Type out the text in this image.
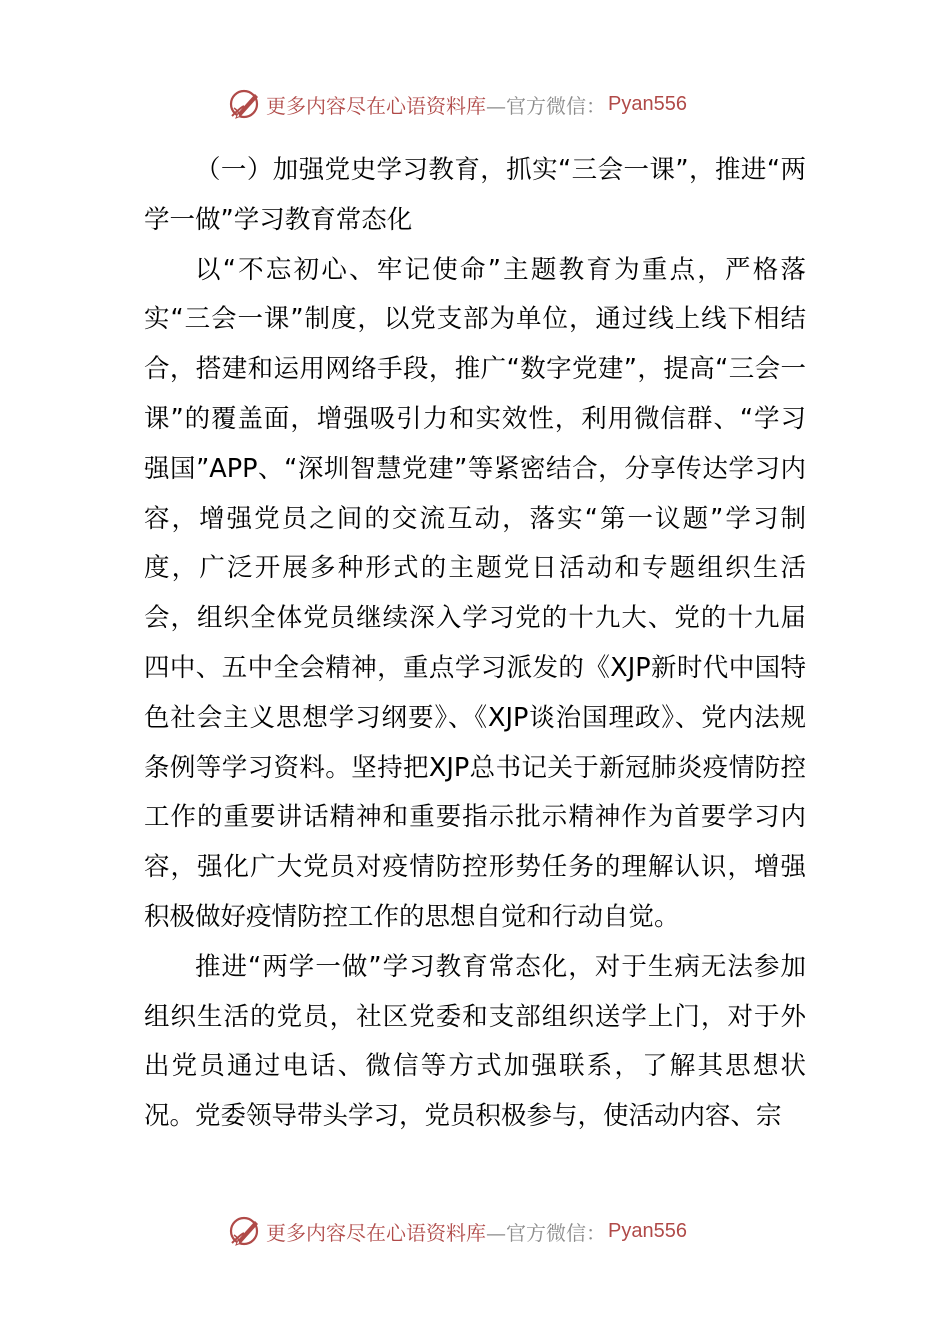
更多内容尽在心语资料库 —官方微信： Pyan556

（一）加强党史学习教育，抓实“三会一课”，推进“两学一做”学习教育常态化

以“不忘初心、牢记使命”主题教育为重点，严格落实“三会一课”制度，以党支部为单位，通过线上线下相结合，搭建和运用网络手段，推广“数字党建”，提高“三会一课”的覆盖面，增强吸引力和实效性，利用微信群、“学习强国”APP、“深圳智慧党建”等紧密结合，分享传达学习内容，增强党员之间的交流互动，落实“第一议题”学习制度，广泛开展多种形式的主题党日活动和专题组织生活会，组织全体党员继续深入学习党的十九大、党的十九届四中、五中全会精神，重点学习派发的《XJP新时代中国特色社会主义思想学习纲要》、《XJP谈治国理政》、党内法规条例等学习资料。坚持把XJP总书记关于新冠肺炎疫情防控工作的重要讲话精神和重要指示批示精神作为首要学习内容，强化广大党员对疫情防控形势任务的理解认识，增强积极做好疫情防控工作的思想自觉和行动自觉。

推进“两学一做”学习教育常态化，对于生病无法参加组织生活的党员，社区党委和支部组织送学上门，对于外出党员通过电话、微信等方式加强联系，了解其思想状况。党委领导带头学习，党员积极参与，使活动内容、宗

更多内容尽在心语资料库 —官方微信： Pyan556
